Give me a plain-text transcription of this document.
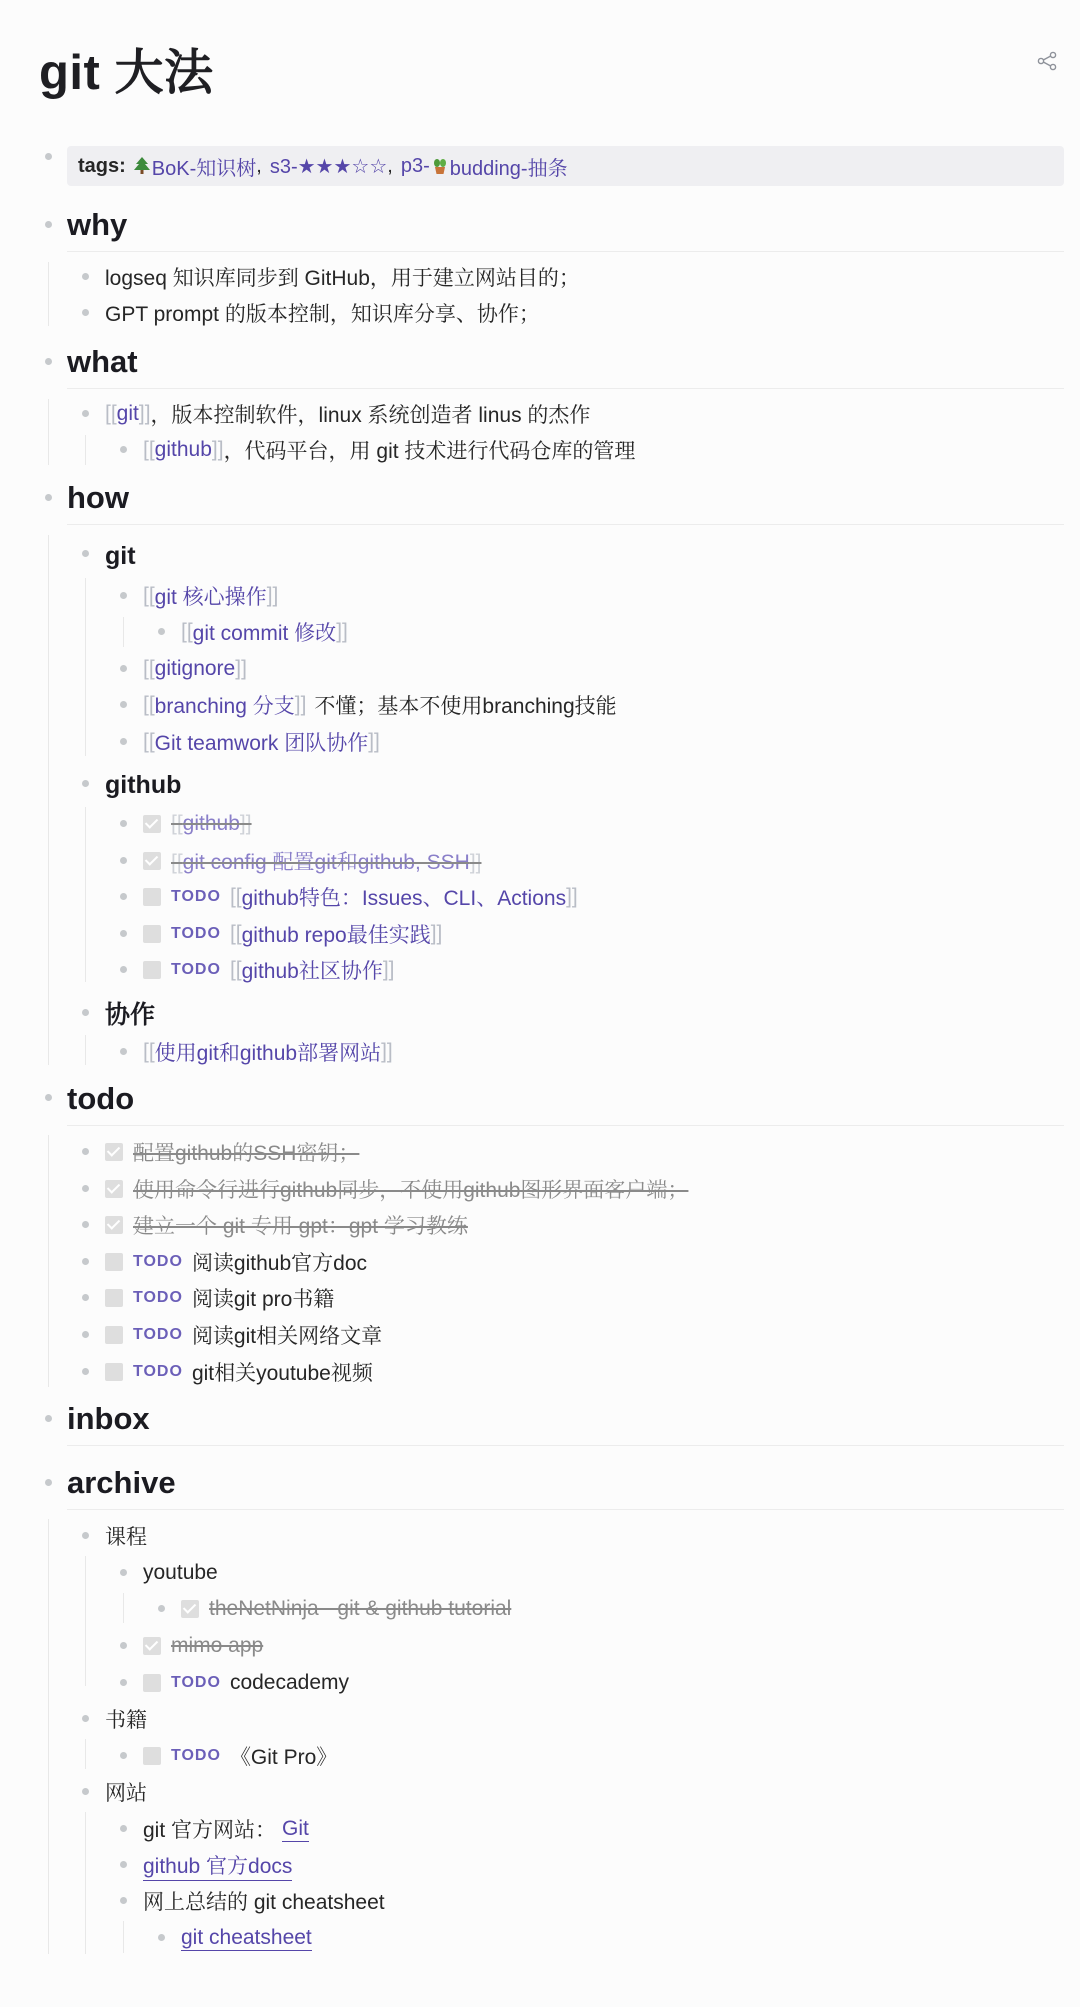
git 大法
tags: BoK-知识树 , s3-★★★☆☆ , p3- budding-抽条
why
logseq 知识库同步到 GitHub，用于建立网站目的；
GPT prompt 的版本控制，知识库分享、协作；
what
[[ git ]] ，版本控制软件，linux 系统创造者 linus 的杰作
[[ github ]] ，代码平台，用 git 技术进行代码仓库的管理
how
git
[[ git 核心操作 ]]
[[ git commit 修改 ]]
[[ gitignore ]]
[[ branching 分支 ]] 不懂；基本不使用branching技能
[[ Git teamwork 团队协作 ]]
github
[[github]]
[[git config 配置git和github, SSH]]
TODO [[ github特色：Issues、CLI、Actions ]]
TODO [[ github repo最佳实践 ]]
TODO [[ github社区协作 ]]
协作
[[ 使用git和github部署网站 ]]
todo
配置github的SSH密钥；
使用命令行进行github同步，不使用github图形界面客户端；
建立一个 git 专用 gpt：gpt 学习教练
TODO 阅读github官方doc
TODO 阅读git pro书籍
TODO 阅读git相关网络文章
TODO git相关youtube视频
inbox
archive
课程
youtube
theNetNinja - git & github tutorial
mimo app
TODO codecademy
书籍
TODO 《Git Pro》
网站
git 官方网站： Git
github 官方docs
网上总结的 git cheatsheet
git cheatsheet
